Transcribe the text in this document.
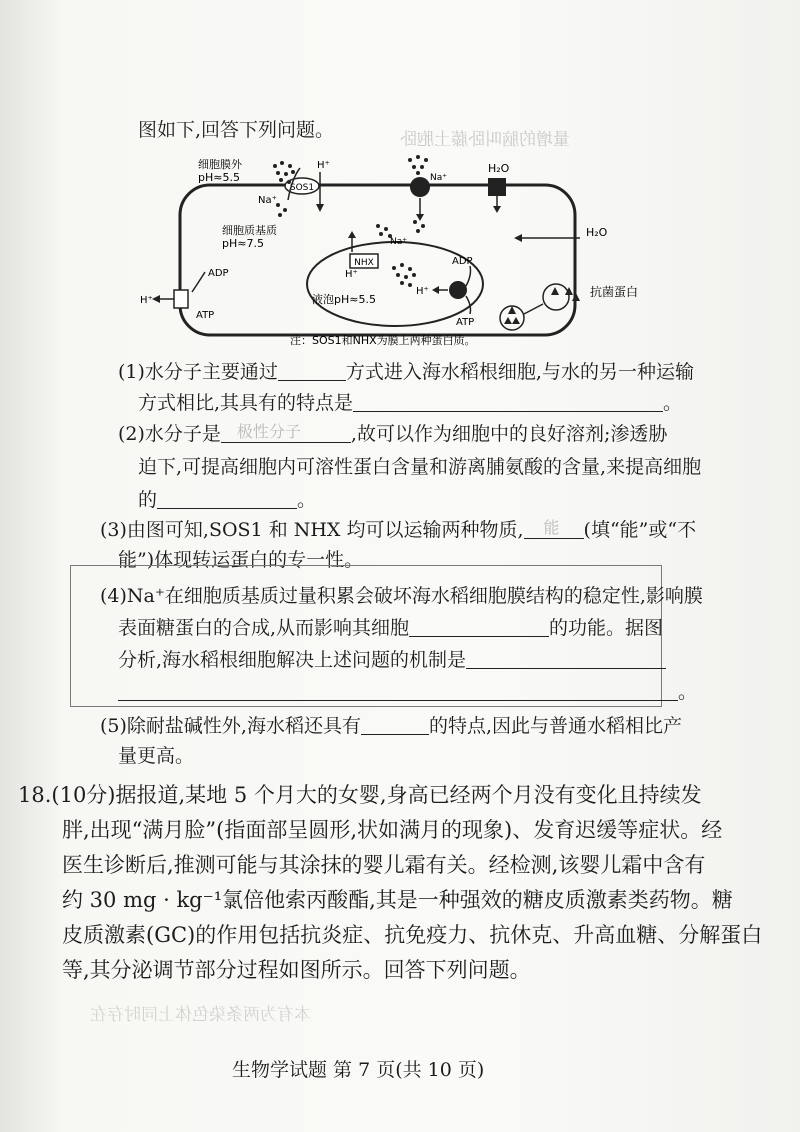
量增的脑叫卧藤土胞卧
本有为两条染色体上同时存在
图如下,回答下列问题。
SOS1
NHX
细胞膜外
pH≈5.5
细胞质基质
pH≈7.5
液泡pH≈5.5
Na⁺
H⁺
Na⁺
H₂O
H₂O
Na⁺
H⁺
H⁺
ADP
ATP
ADP
ATP
H⁺
抗菌蛋白
注：SOS1和NHX为膜上两种蛋白质。
(1)水分子主要通过	方式进入海水稻根细胞,与水的另一种运输
方式相比,其具有的特点是	。
(2)水分子是 极性分子	,故可以作为细胞中的良好溶剂;渗透胁
迫下,可提高细胞内可溶性蛋白含量和游离脯氨酸的含量,来提高细胞
的	。
(3)由图可知,SOS1 和 NHX 均可以运输两种物质, 能 (填“能”或“不
能”)体现转运蛋白的专一性。
(4)Na⁺在细胞质基质过量积累会破坏海水稻细胞膜结构的稳定性,影响膜
表面糖蛋白的合成,从而影响其细胞	的功能。据图
分析,海水稻根细胞解决上述问题的机制是
。
(5)除耐盐碱性外,海水稻还具有	的特点,因此与普通水稻相比产
量更高。
18.(10分)据报道,某地 5 个月大的女婴,身高已经两个月没有变化且持续发
胖,出现“满月脸”(指面部呈圆形,状如满月的现象)、发育迟缓等症状。经
医生诊断后,推测可能与其涂抹的婴儿霜有关。经检测,该婴儿霜中含有
约 30 mg · kg⁻¹氯倍他索丙酸酯,其是一种强效的糖皮质激素类药物。糖
皮质激素(GC)的作用包括抗炎症、抗免疫力、抗休克、升高血糖、分解蛋白
等,其分泌调节部分过程如图所示。回答下列问题。
生物学试题 第 7 页(共 10 页)
